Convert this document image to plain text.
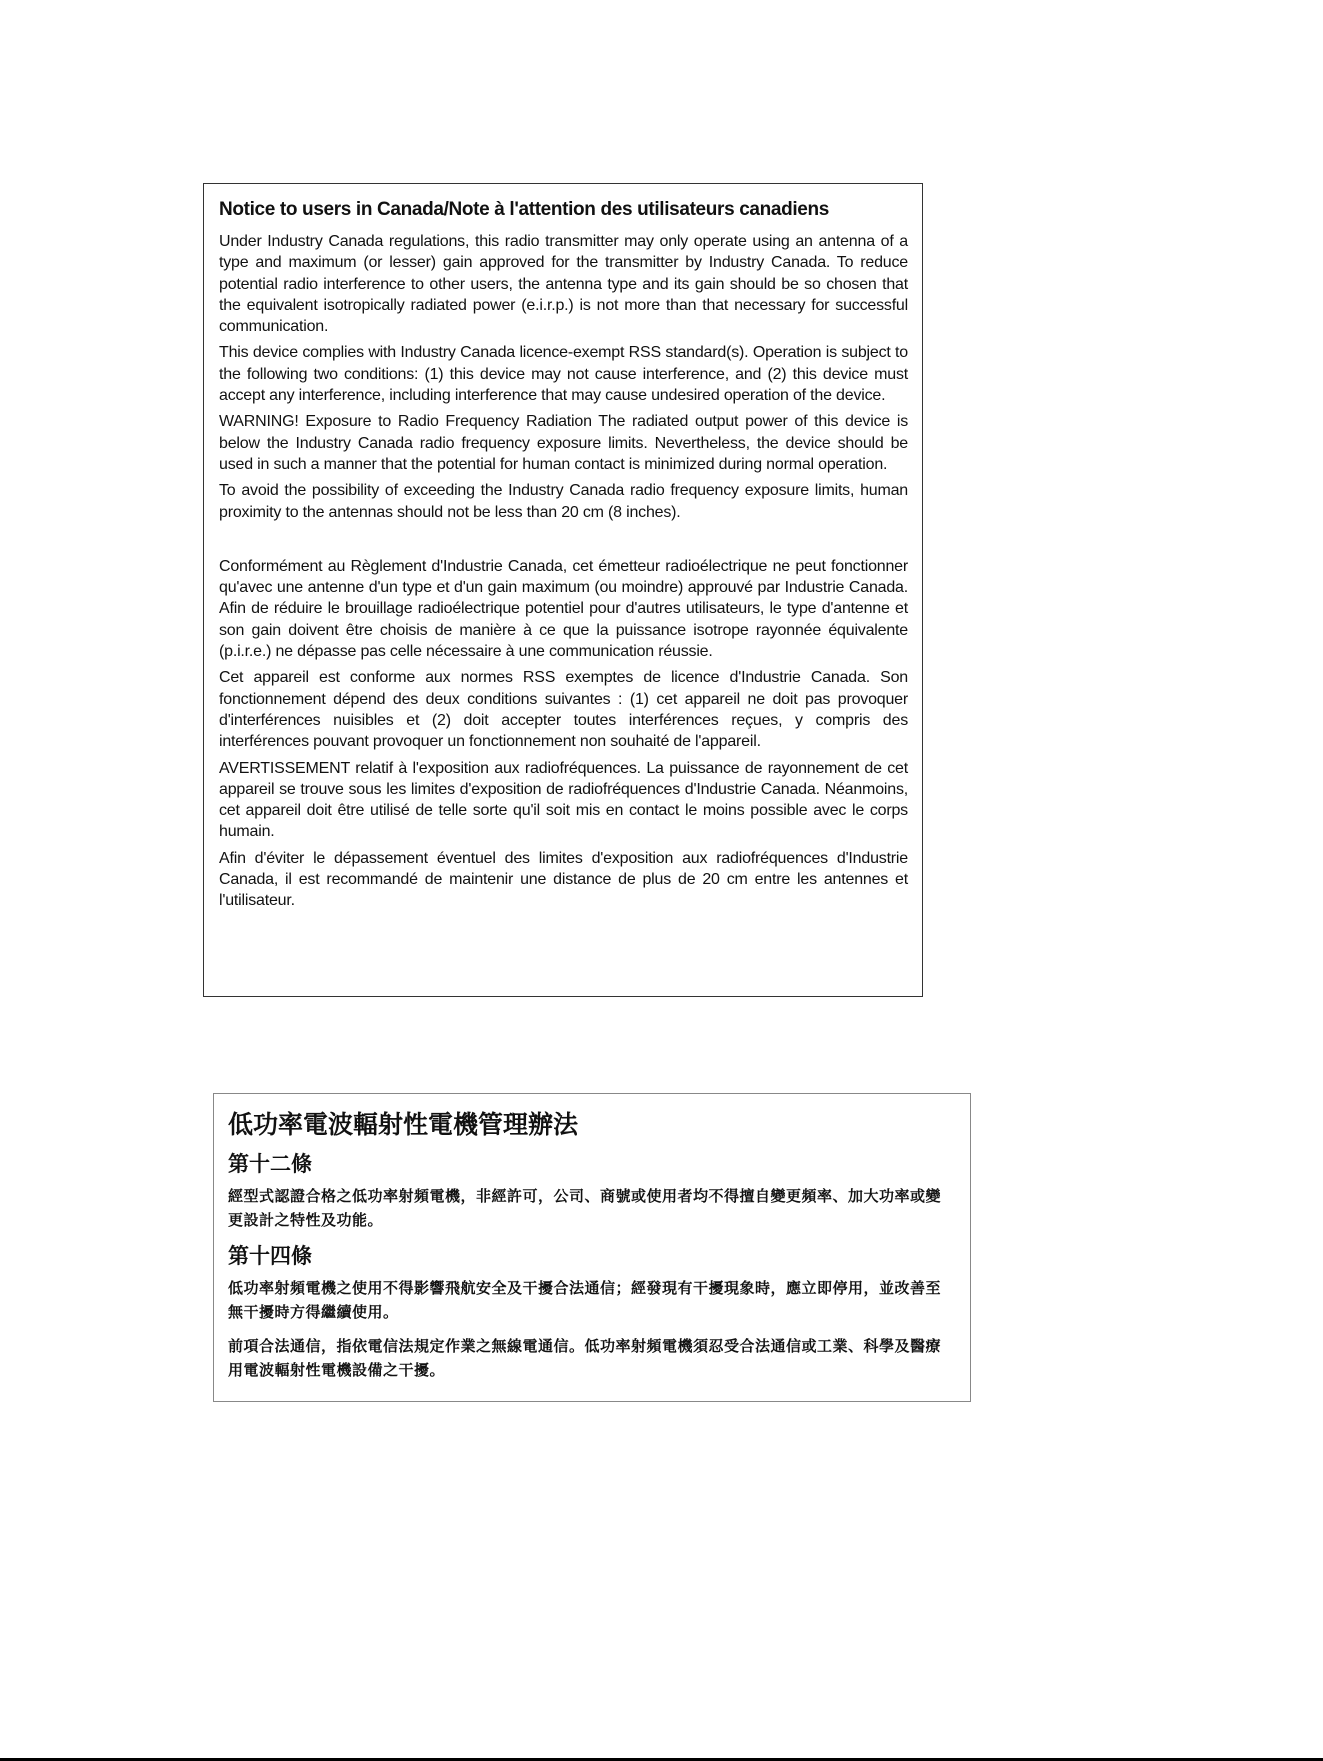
Notice to users in Canada/Note à l'attention des utilisateurs canadiens

Under Industry Canada regulations, this radio transmitter may only operate using an antenna of a type and maximum (or lesser) gain approved for the transmitter by Industry Canada. To reduce potential radio interference to other users, the antenna type and its gain should be so chosen that the equivalent isotropically radiated power (e.i.r.p.) is not more than that necessary for successful communication.

This device complies with Industry Canada licence-exempt RSS standard(s). Operation is subject to the following two conditions: (1) this device may not cause interference, and (2) this device must accept any interference, including interference that may cause undesired operation of the device.

WARNING! Exposure to Radio Frequency Radiation The radiated output power of this device is below the Industry Canada radio frequency exposure limits. Nevertheless, the device should be used in such a manner that the potential for human contact is minimized during normal operation.

To avoid the possibility of exceeding the Industry Canada radio frequency exposure limits, human proximity to the antennas should not be less than 20 cm (8 inches).

Conformément au Règlement d'Industrie Canada, cet émetteur radioélectrique ne peut fonctionner qu'avec une antenne d'un type et d'un gain maximum (ou moindre) approuvé par Industrie Canada. Afin de réduire le brouillage radioélectrique potentiel pour d'autres utilisateurs, le type d'antenne et son gain doivent être choisis de manière à ce que la puissance isotrope rayonnée équivalente (p.i.r.e.) ne dépasse pas celle nécessaire à une communication réussie.

Cet appareil est conforme aux normes RSS exemptes de licence d'Industrie Canada. Son fonctionnement dépend des deux conditions suivantes : (1) cet appareil ne doit pas provoquer d'interférences nuisibles et (2) doit accepter toutes interférences reçues, y compris des interférences pouvant provoquer un fonctionnement non souhaité de l'appareil.

AVERTISSEMENT relatif à l'exposition aux radiofréquences. La puissance de rayonnement de cet appareil se trouve sous les limites d'exposition de radiofréquences d'Industrie Canada. Néanmoins, cet appareil doit être utilisé de telle sorte qu'il soit mis en contact le moins possible avec le corps humain.

Afin d'éviter le dépassement éventuel des limites d'exposition aux radiofréquences d'Industrie Canada, il est recommandé de maintenir une distance de plus de 20 cm entre les antennes et l'utilisateur.

低功率電波輻射性電機管理辦法
第十二條

經型式認證合格之低功率射頻電機，非經許可，公司、商號或使用者均不得擅自變更頻率、加大功率或變更設計之特性及功能。

第十四條

低功率射頻電機之使用不得影響飛航安全及干擾合法通信；經發現有干擾現象時，應立即停用，並改善至無干擾時方得繼續使用。

前項合法通信，指依電信法規定作業之無線電通信。低功率射頻電機須忍受合法通信或工業、科學及醫療用電波輻射性電機設備之干擾。
